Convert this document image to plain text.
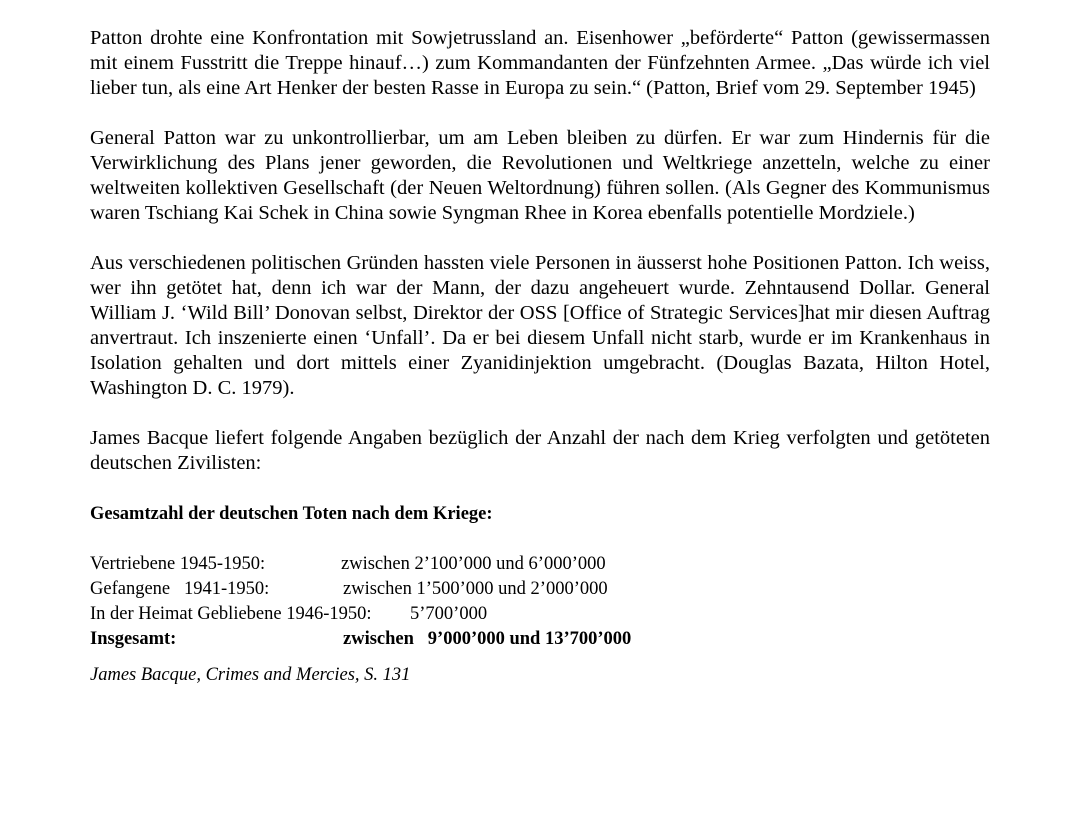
Patton drohte eine Konfrontation mit Sowjetrussland an. Eisenhower „beförderte“ Patton (gewissermassen mit einem Fusstritt die Treppe hinauf…) zum Kommandanten der Fünfzehnten Armee. „Das würde ich viel lieber tun, als eine Art Henker der besten Rasse in Europa zu sein.“ (Patton, Brief vom 29. September 1945)

General Patton war zu unkontrollierbar, um am Leben bleiben zu dürfen. Er war zum Hindernis für die Verwirklichung des Plans jener geworden, die Revolutionen und Weltkriege anzetteln, welche zu einer weltweiten kollektiven Gesellschaft (der Neuen Weltordnung) führen sollen. (Als Gegner des Kommunismus waren Tschiang Kai Schek in China sowie Syngman Rhee in Korea ebenfalls potentielle Mordziele.)

Aus verschiedenen politischen Gründen hassten viele Personen in äusserst hohe Positionen Patton. Ich weiss, wer ihn getötet hat, denn ich war der Mann, der dazu angeheuert wurde. Zehntausend Dollar. General William J. ‘Wild Bill’ Donovan selbst, Direktor der OSS [Office of Strategic Services]hat mir diesen Auftrag anvertraut. Ich inszenierte einen ‘Unfall’. Da er bei diesem Unfall nicht starb, wurde er im Krankenhaus in Isolation gehalten und dort mittels einer Zyanidinjektion umgebracht. (Douglas Bazata, Hilton Hotel, Washington D. C. 1979).

James Bacque liefert folgende Angaben bezüglich der Anzahl der nach dem Krieg verfolgten und getöteten deutschen Zivilisten:

Gesamtzahl der deutschen Toten nach dem Kriege:
Vertriebene 1945-1950:	zwischen 2’100’000 und 6’000’000
Gefangene   1941-1950:	zwischen 1’500’000 und 2’000’000
In der Heimat Gebliebene 1946-1950: 5’700’000
Insgesamt:	zwischen   9’000’000 und 13’700’000
James Bacque, Crimes and Mercies, S. 131
